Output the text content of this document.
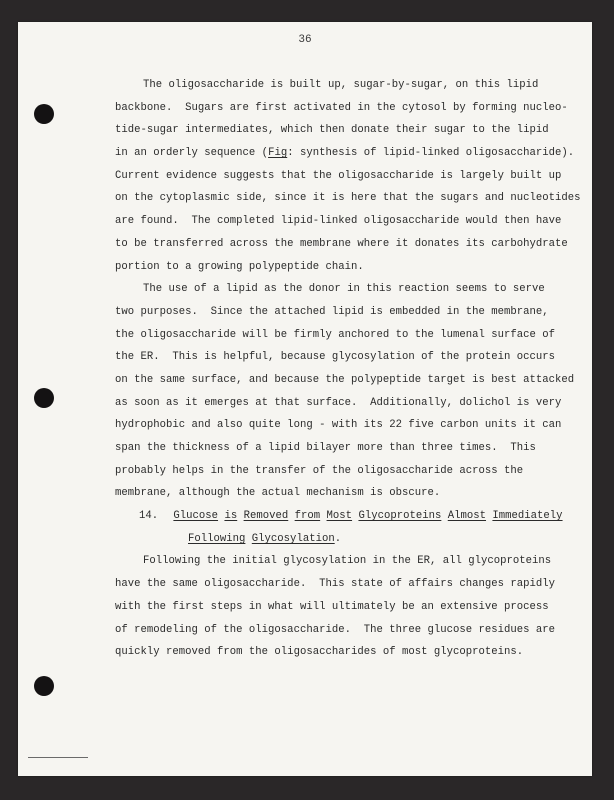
36
The oligosaccharide is built up, sugar-by-sugar, on this lipid
backbone.  Sugars are first activated in the cytosol by forming nucleo-
tide-sugar intermediates, which then donate their sugar to the lipid
in an orderly sequence (Fig: synthesis of lipid-linked oligosaccharide).
Current evidence suggests that the oligosaccharide is largely built up
on the cytoplasmic side, since it is here that the sugars and nucleotides
are found.  The completed lipid-linked oligosaccharide would then have
to be transferred across the membrane where it donates its carbohydrate
portion to a growing polypeptide chain.
The use of a lipid as the donor in this reaction seems to serve
two purposes.  Since the attached lipid is embedded in the membrane,
the oligosaccharide will be firmly anchored to the lumenal surface of
the ER.  This is helpful, because glycosylation of the protein occurs
on the same surface, and because the polypeptide target is best attacked
as soon as it emerges at that surface.  Additionally, dolichol is very
hydrophobic and also quite long - with its 22 five carbon units it can
span the thickness of a lipid bilayer more than three times.  This
probably helps in the transfer of the oligosaccharide across the
membrane, although the actual mechanism is obscure.
14. Glucose is Removed from Most Glycoproteins Almost Immediately
Following Glycosylation.
Following the initial glycosylation in the ER, all glycoproteins
have the same oligosaccharide.  This state of affairs changes rapidly
with the first steps in what will ultimately be an extensive process
of remodeling of the oligosaccharide.  The three glucose residues are
quickly removed from the oligosaccharides of most glycoproteins.
